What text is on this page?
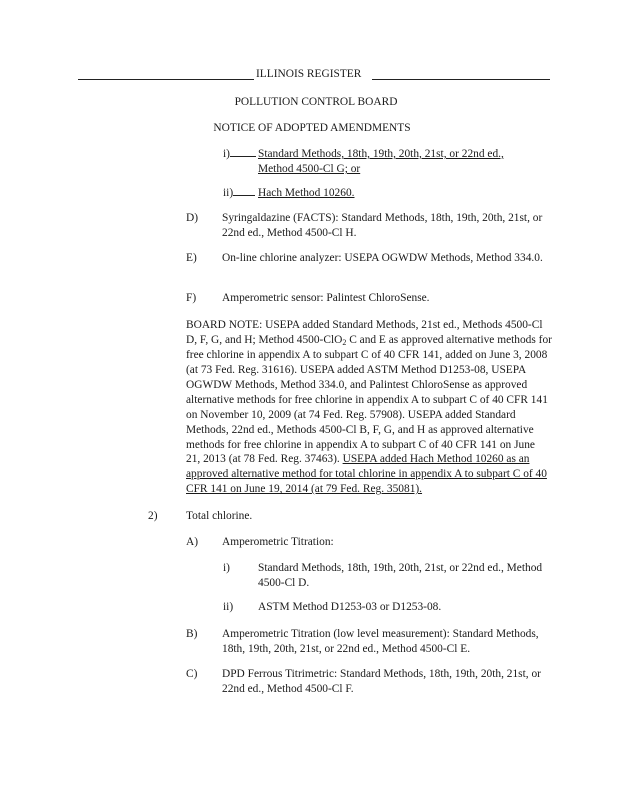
ILLINOIS REGISTER
POLLUTION CONTROL BOARD
NOTICE OF ADOPTED AMENDMENTS
i)	Standard Methods, 18th, 19th, 20th, 21st, or 22nd ed.,
Method 4500-Cl G; or
ii)	Hach Method 10260.
D) Syringaldazine (FACTS): Standard Methods, 18th, 19th, 20th, 21st, or 22nd ed., Method 4500-Cl H.

E) On-line chlorine analyzer: USEPA OGWDW Methods, Method 334.0.

F) Amperometric sensor: Palintest ChloroSense.

BOARD NOTE: USEPA added Standard Methods, 21st ed., Methods 4500-Cl D, F, G, and H; Method 4500-ClO$_2$ C and E as approved alternative methods for free chlorine in appendix A to subpart C of 40 CFR 141, added on June 3, 2008 (at 73 Fed. Reg. 31616). USEPA added ASTM Method D1253-08, USEPA OGWDW Methods, Method 334.0, and Palintest ChloroSense as approved alternative methods for free chlorine in appendix A to subpart C of 40 CFR 141 on November 10, 2009 (at 74 Fed. Reg. 57908). USEPA added Standard Methods, 22nd ed., Methods 4500-Cl B, F, G, and H as approved alternative methods for free chlorine in appendix A to subpart C of 40 CFR 141 on June 21, 2013 (at 78 Fed. Reg. 37463). USEPA added Hach Method 10260 as an approved alternative method for total chlorine in appendix A to subpart C of 40 CFR 141 on June 19, 2014 (at 79 Fed. Reg. 35081).

2)	Total chlorine.
A) Amperometric Titration:
i) Standard Methods, 18th, 19th, 20th, 21st, or 22nd ed., Method 4500-Cl D.

ii) ASTM Method D1253-03 or D1253-08.
B) Amperometric Titration (low level measurement): Standard Methods, 18th, 19th, 20th, 21st, or 22nd ed., Method 4500-Cl E.

C) DPD Ferrous Titrimetric: Standard Methods, 18th, 19th, 20th, 21st, or 22nd ed., Method 4500-Cl F.
